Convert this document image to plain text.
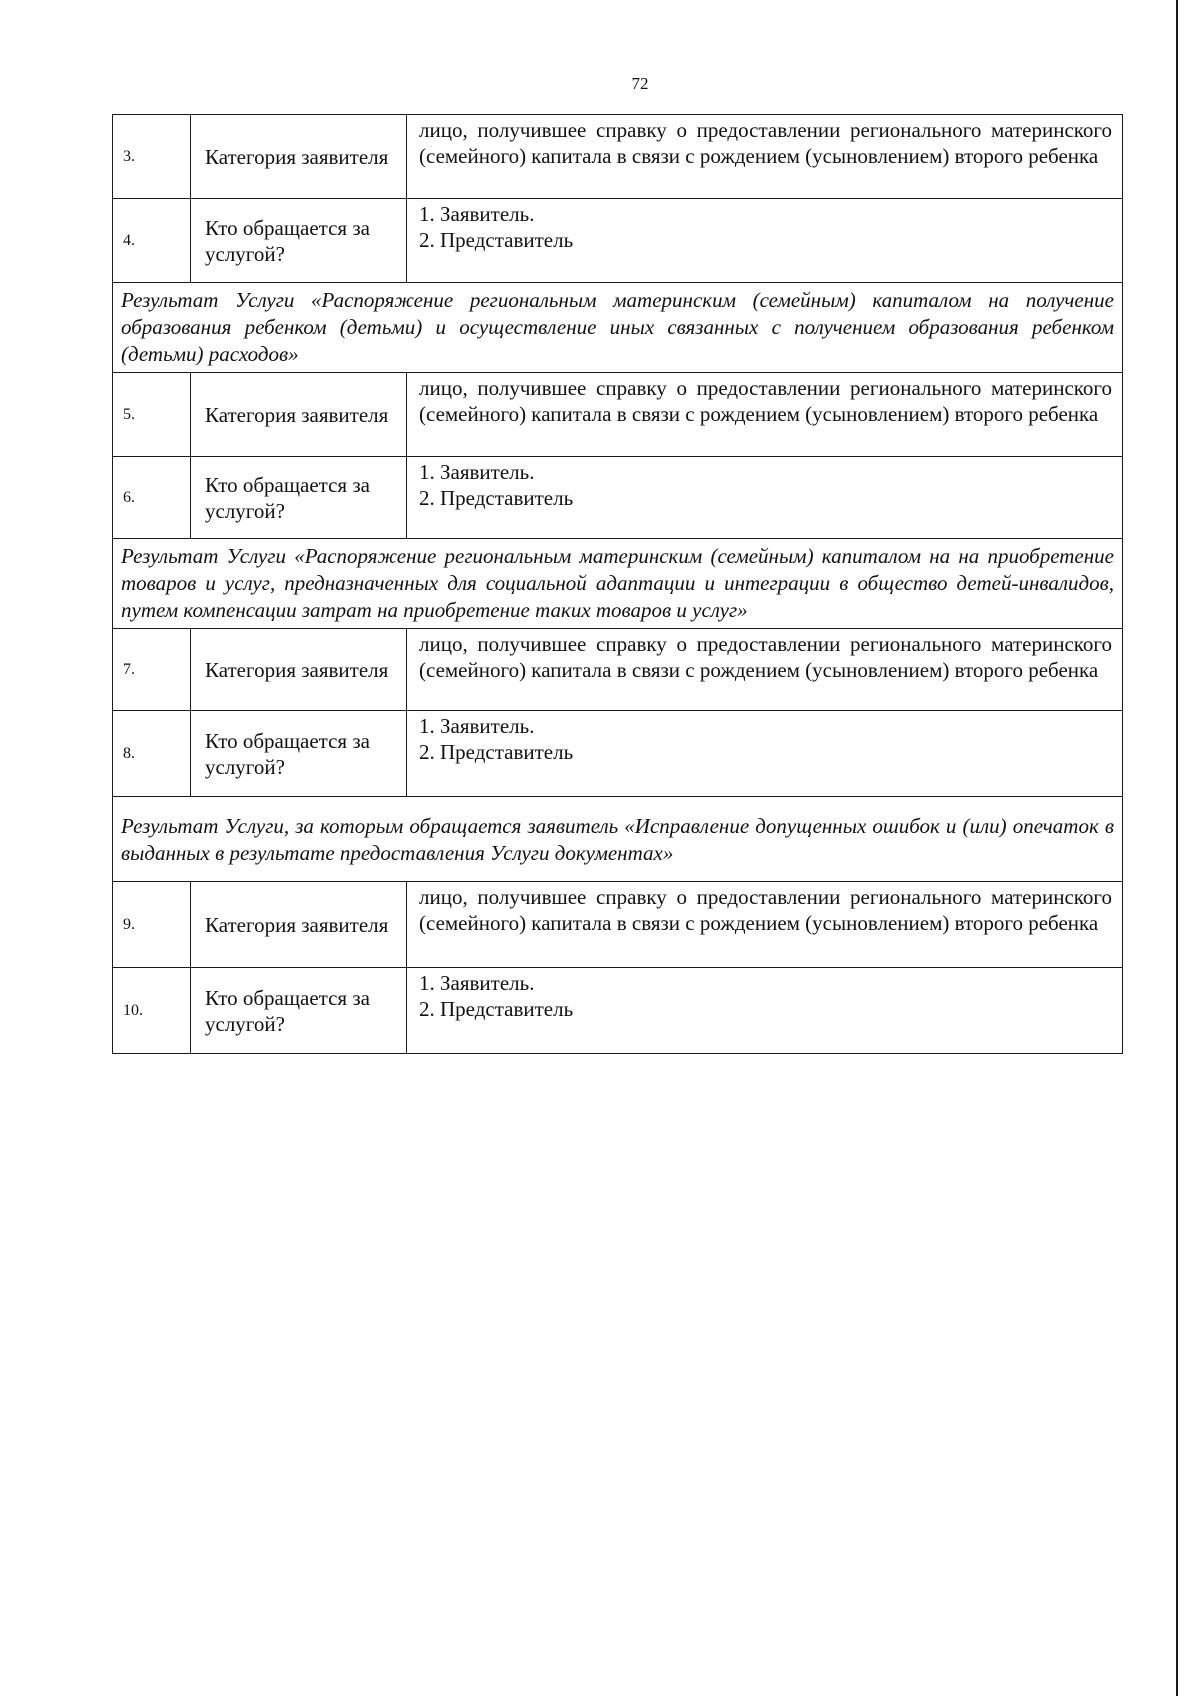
72
3.	Категория заявителя	лицо, получившее справку о предоставлении регионального материнского (семейного) капитала в связи с рождением (усыновлением) второго ребенка
4.	Кто обращается за услугой?	1. Заявитель.
2. Представитель

Результат Услуги «Распоряжение региональным материнским (семейным) капиталом на получение образования ребенком (детьми) и осуществление иных связанных с получением образования ребенком (детьми) расходов»		
5.	Категория заявителя	лицо, получившее справку о предоставлении регионального материнского (семейного) капитала в связи с рождением (усыновлением) второго ребенка
6.	Кто обращается за услугой?	1. Заявитель.
2. Представитель

Результат Услуги «Распоряжение региональным материнским (семейным) капиталом на на приобретение товаров и услуг, предназначенных для социальной адаптации и интеграции в общество детей-инвалидов, путем компенсации затрат на приобретение таких товаров и услуг»		
7.	Категория заявителя	лицо, получившее справку о предоставлении регионального материнского (семейного) капитала в связи с рождением (усыновлением) второго ребенка
8.	Кто обращается за услугой?	1. Заявитель.
2. Представитель

Результат Услуги, за которым обращается заявитель «Исправление допущенных ошибок и (или) опечаток в выданных в результате предоставления Услуги документах»		
9.	Категория заявителя	лицо, получившее справку о предоставлении регионального материнского (семейного) капитала в связи с рождением (усыновлением) второго ребенка
10.	Кто обращается за услугой?	1. Заявитель.
2. Представитель
